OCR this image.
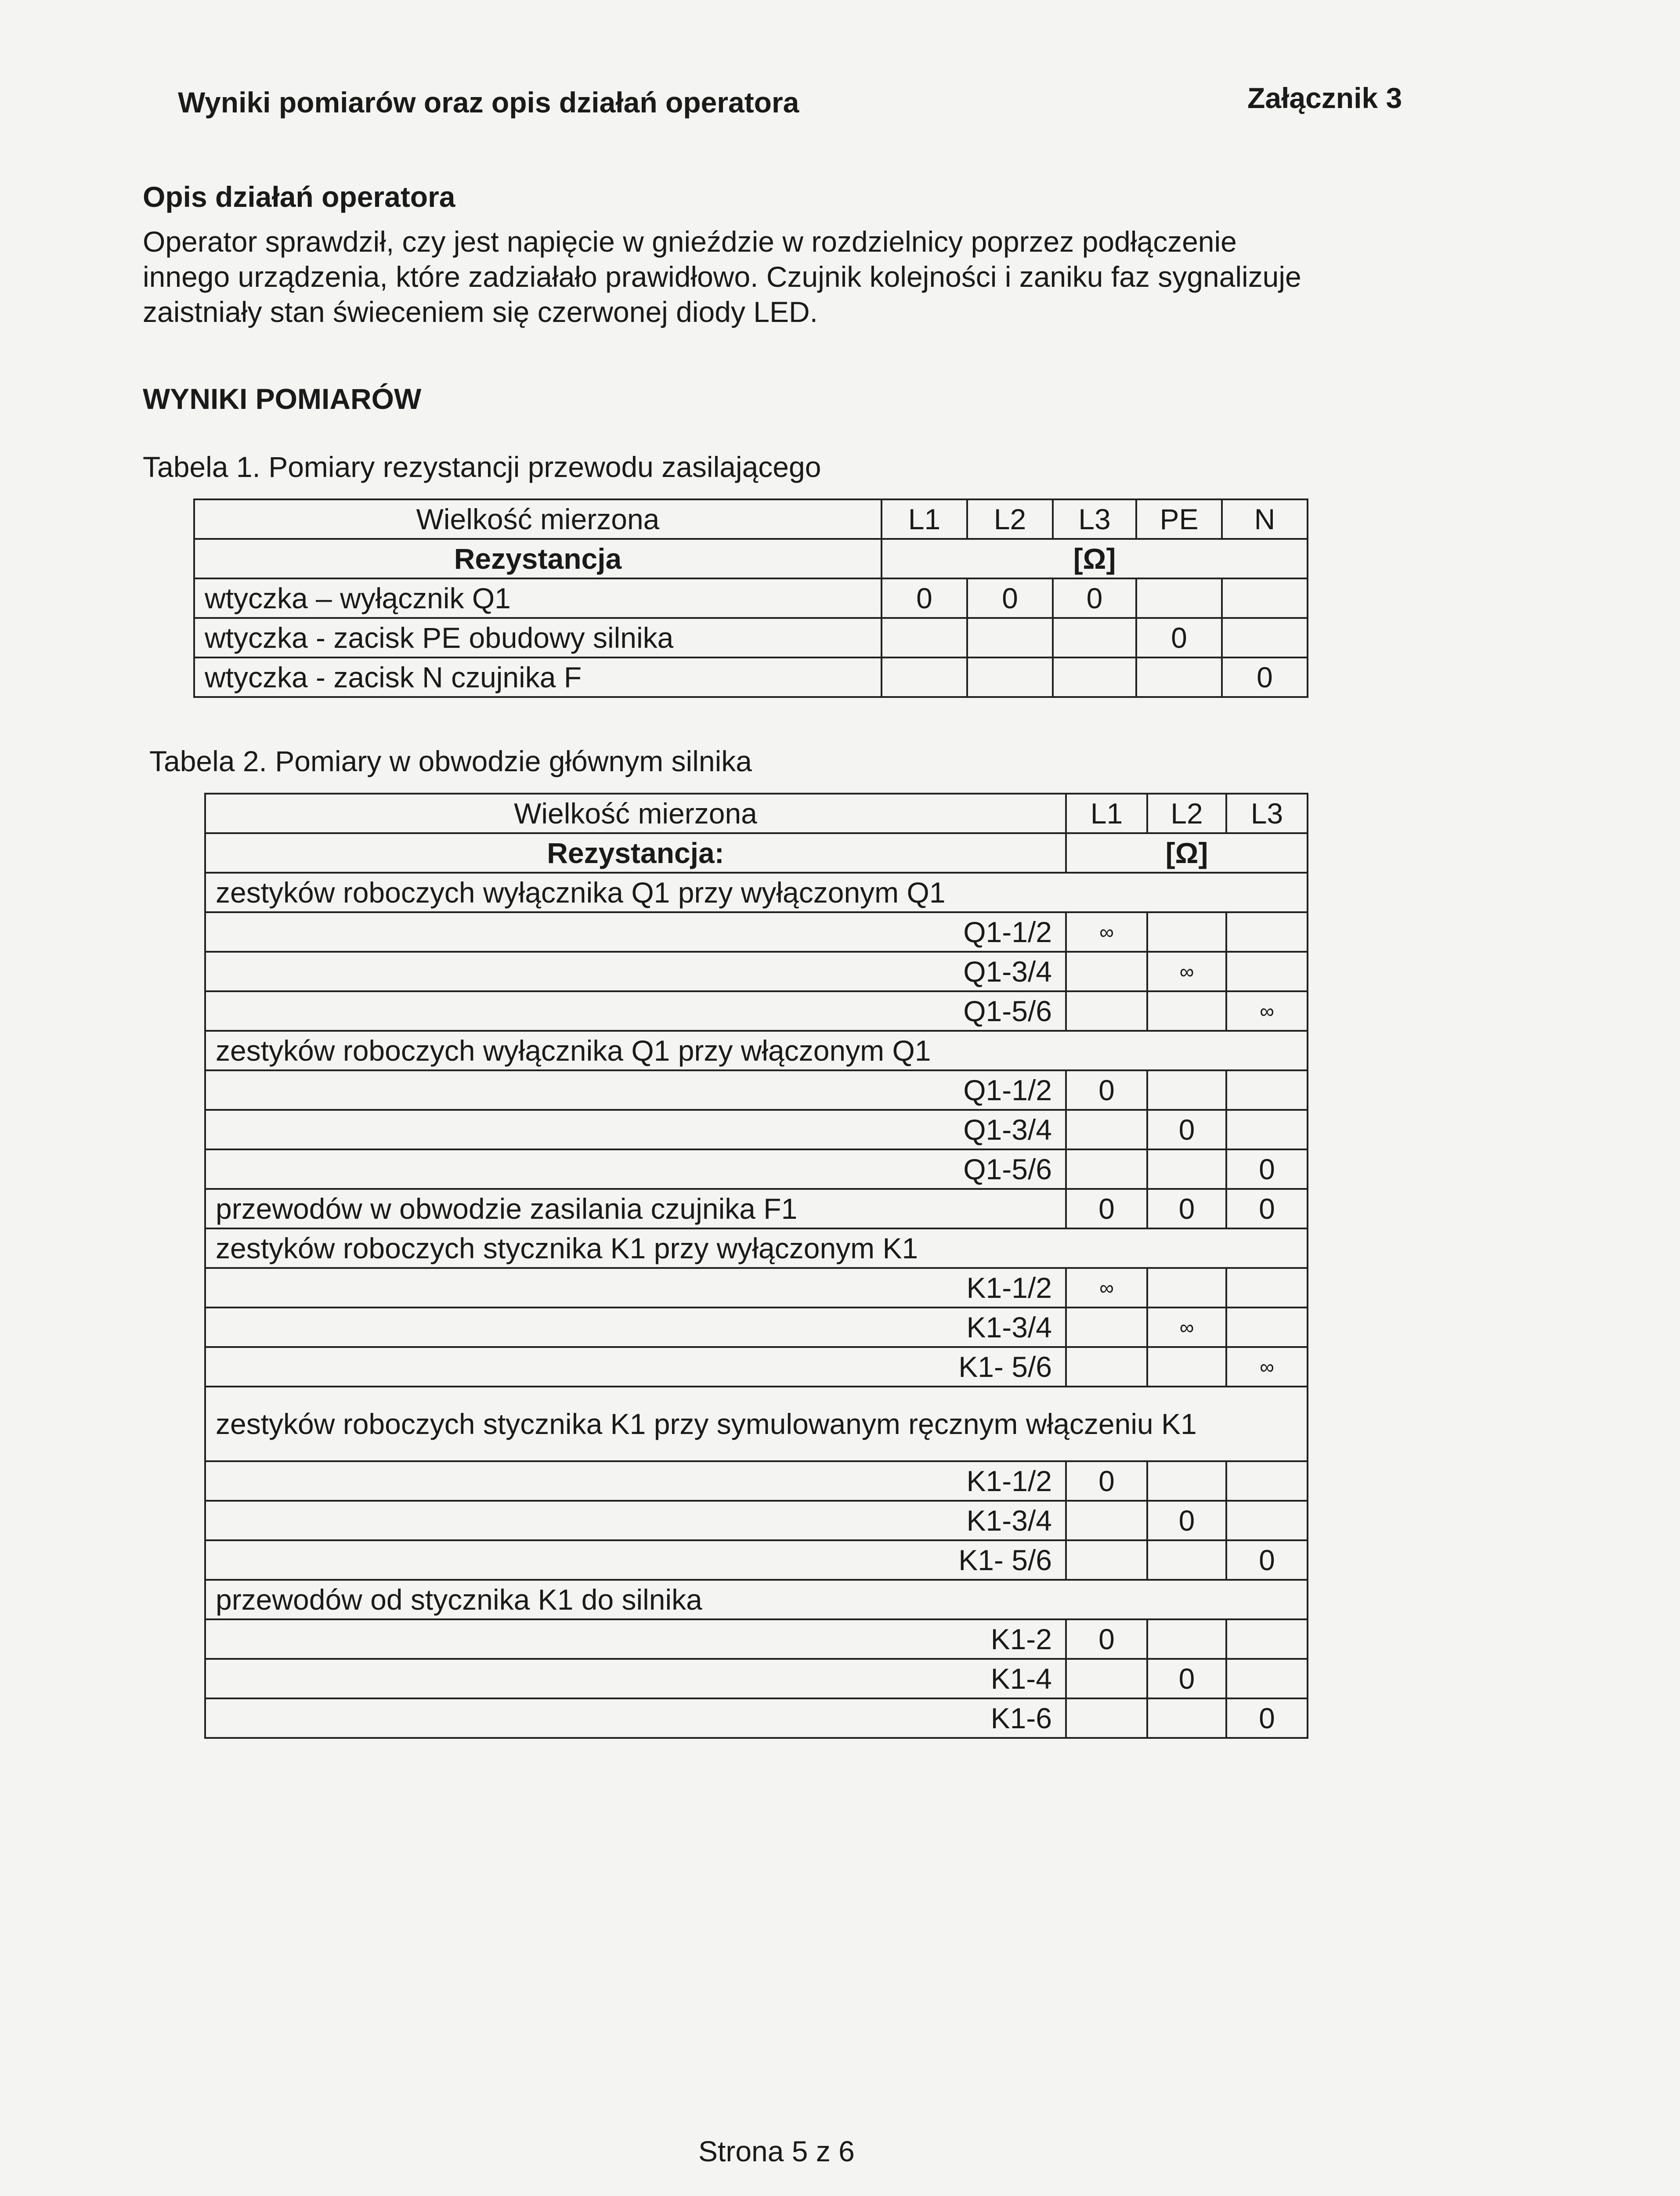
Wyniki pomiarów oraz opis działań operatora	Załącznik 3
Opis działań operatora
Operator sprawdził, czy jest napięcie w gnieździe w rozdzielnicy poprzez podłączenie
innego urządzenia, które zadziałało prawidłowo. Czujnik kolejności i zaniku faz sygnalizuje
zaistniały stan świeceniem się czerwonej diody LED.
WYNIKI POMIARÓW
Tabela 1. Pomiary rezystancji przewodu zasilającego
Wielkość mierzona	L1	L2	L3	PE	N
Rezystancja	[Ω]				
wtyczka – wyłącznik Q1	0	0	0		
wtyczka - zacisk PE obudowy silnika				0	
wtyczka - zacisk N czujnika F					0
Tabela 2. Pomiary w obwodzie głównym silnika
Wielkość mierzona	L1	L2	L3
Rezystancja:	[Ω]		
zestyków roboczych wyłącznika Q1 przy wyłączonym Q1			
Q1-1/2	∞		
Q1-3/4		∞	
Q1-5/6			∞
zestyków roboczych wyłącznika Q1 przy włączonym Q1			
Q1-1/2	0		
Q1-3/4		0	
Q1-5/6			0
przewodów w obwodzie zasilania czujnika F1	0	0	0
zestyków roboczych stycznika K1 przy wyłączonym K1			
K1-1/2	∞		
K1-3/4		∞	
K1- 5/6			∞
zestyków roboczych stycznika K1 przy symulowanym ręcznym włączeniu K1			
K1-1/2	0		
K1-3/4		0	
K1- 5/6			0
przewodów od stycznika K1 do silnika			
K1-2	0		
K1-4		0	
K1-6			0
Strona 5 z 6
